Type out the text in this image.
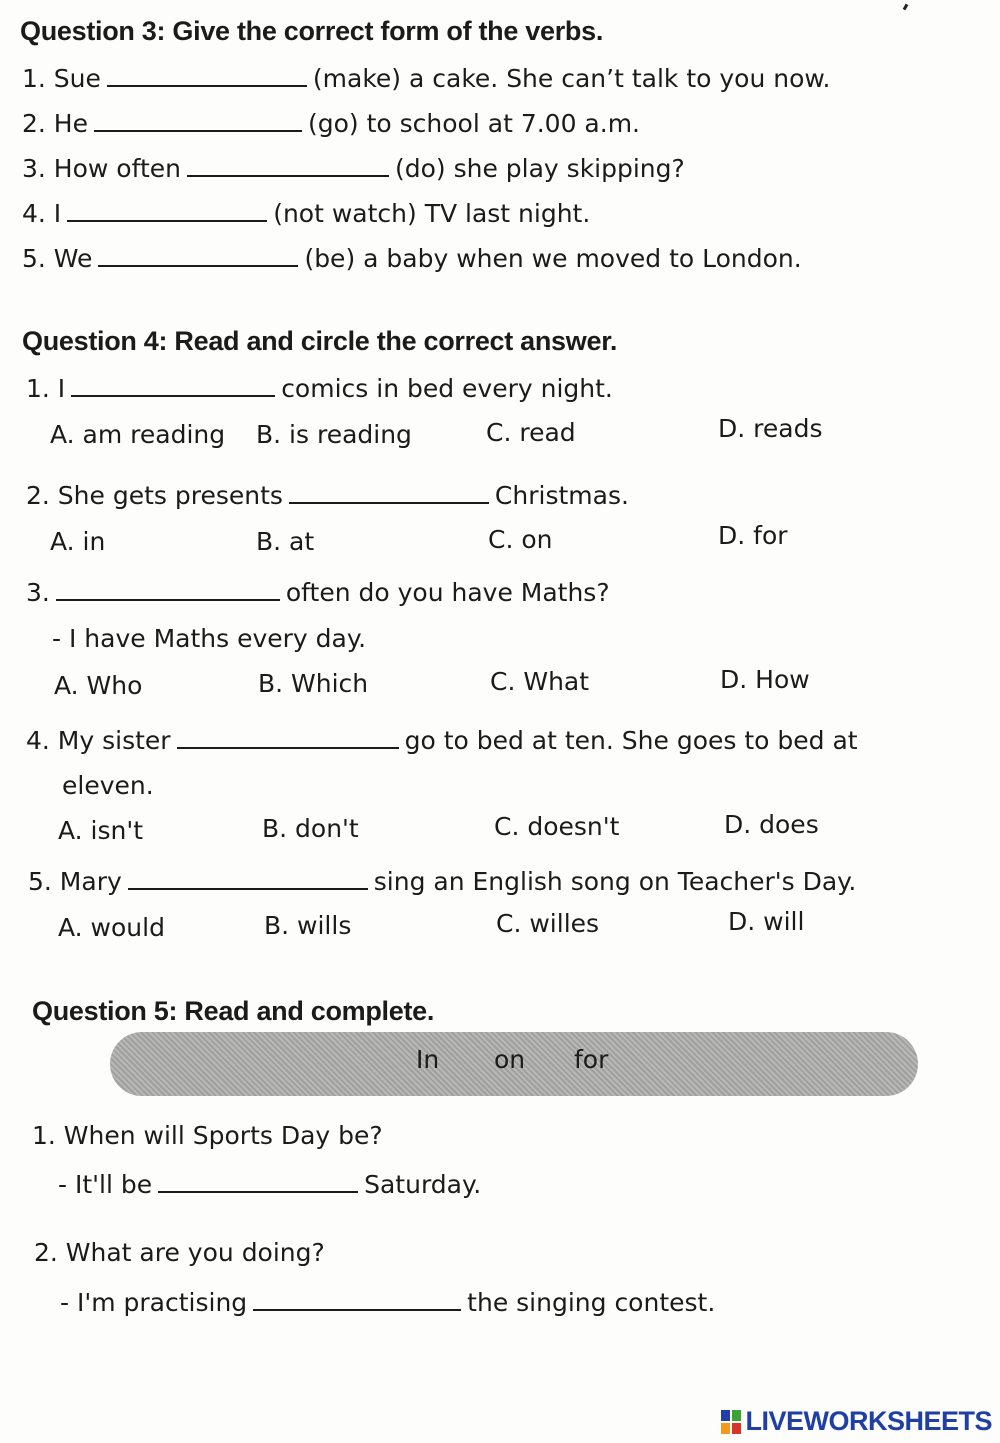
Question 3: Give the correct form of the verbs.
1. Sue	(make) a cake. She can’t talk to you now.
2. He	(go) to school at 7.00 a.m.
3. How often	(do) she play skipping?
4. I	(not watch) TV last night.
5. We	(be) a baby when we moved to London.
Question 4: Read and circle the correct answer.
1. I	comics in bed every night.
A. am reading B. is reading	C. read	D. reads
2. She gets presents	Christmas.
A. in	B. at	C. on	D. for
3.	often do you have Maths?
- I have Maths every day.
A. Who	B. Which	C. What	D. How
4. My sister	go to bed at ten. She goes to bed at
eleven.
A. isn't	B. don't	C. doesn't	D. does
5. Mary	sing an English song on Teacher's Day.
A. would	B. wills	C. willes	D. will
Question 5: Read and complete.
In on for
1. When will Sports Day be?
- It'll be	Saturday.
2. What are you doing?
- I'm practising	the singing contest.
LIVEWORKSHEETS
